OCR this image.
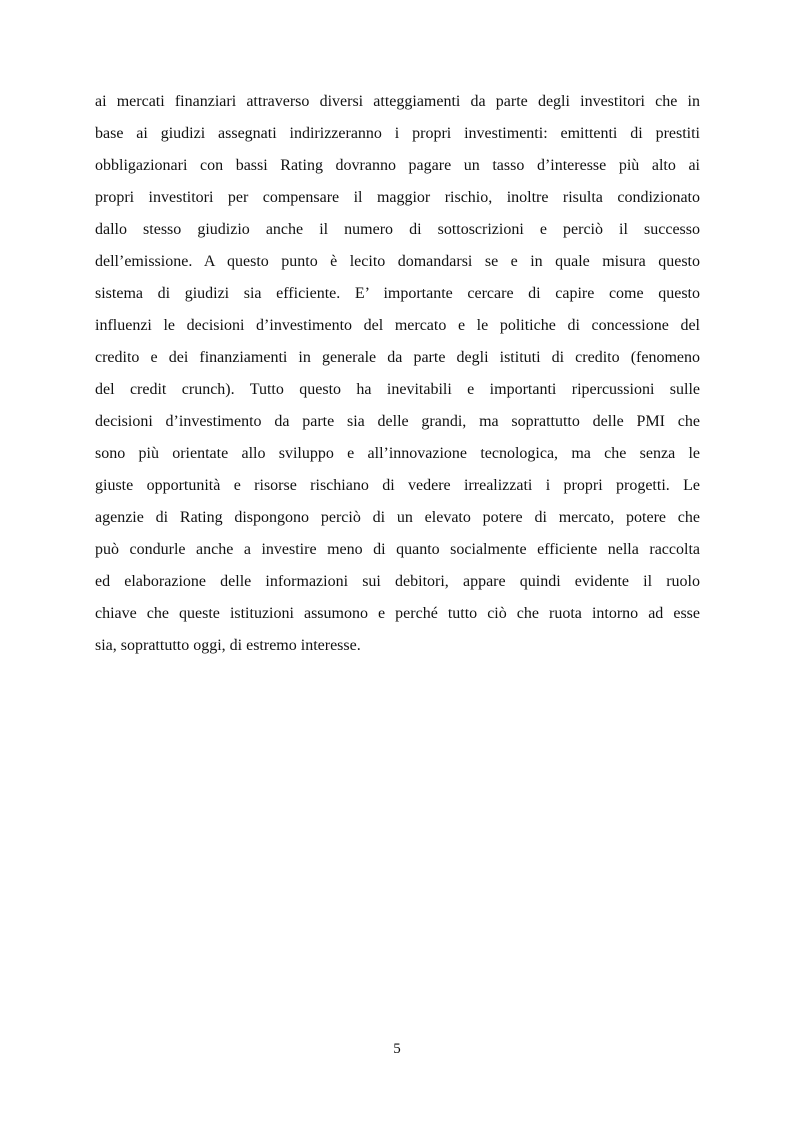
ai mercati finanziari attraverso diversi atteggiamenti da parte degli investitori che in
base ai giudizi assegnati indirizzeranno i propri investimenti: emittenti di prestiti
obbligazionari con bassi Rating dovranno pagare un tasso d’interesse più alto ai
propri investitori per compensare il maggior rischio, inoltre risulta condizionato
dallo stesso giudizio anche il numero di sottoscrizioni e perciò il successo
dell’emissione. A questo punto è lecito domandarsi se e in quale misura questo
sistema di giudizi sia efficiente. E’ importante cercare di capire come questo
influenzi le decisioni d’investimento del mercato e le politiche di concessione del
credito e dei finanziamenti in generale da parte degli istituti di credito (fenomeno
del credit crunch). Tutto questo ha inevitabili e importanti ripercussioni sulle
decisioni d’investimento da parte sia delle grandi, ma soprattutto delle PMI che
sono più orientate allo sviluppo e all’innovazione tecnologica, ma che senza le
giuste opportunità e risorse rischiano di vedere irrealizzati i propri progetti. Le
agenzie di Rating dispongono perciò di un elevato potere di mercato, potere che
può condurle anche a investire meno di quanto socialmente efficiente nella raccolta
ed elaborazione delle informazioni sui debitori, appare quindi evidente il ruolo
chiave che queste istituzioni assumono e perché tutto ciò che ruota intorno ad esse
sia, soprattutto oggi, di estremo interesse.
5
